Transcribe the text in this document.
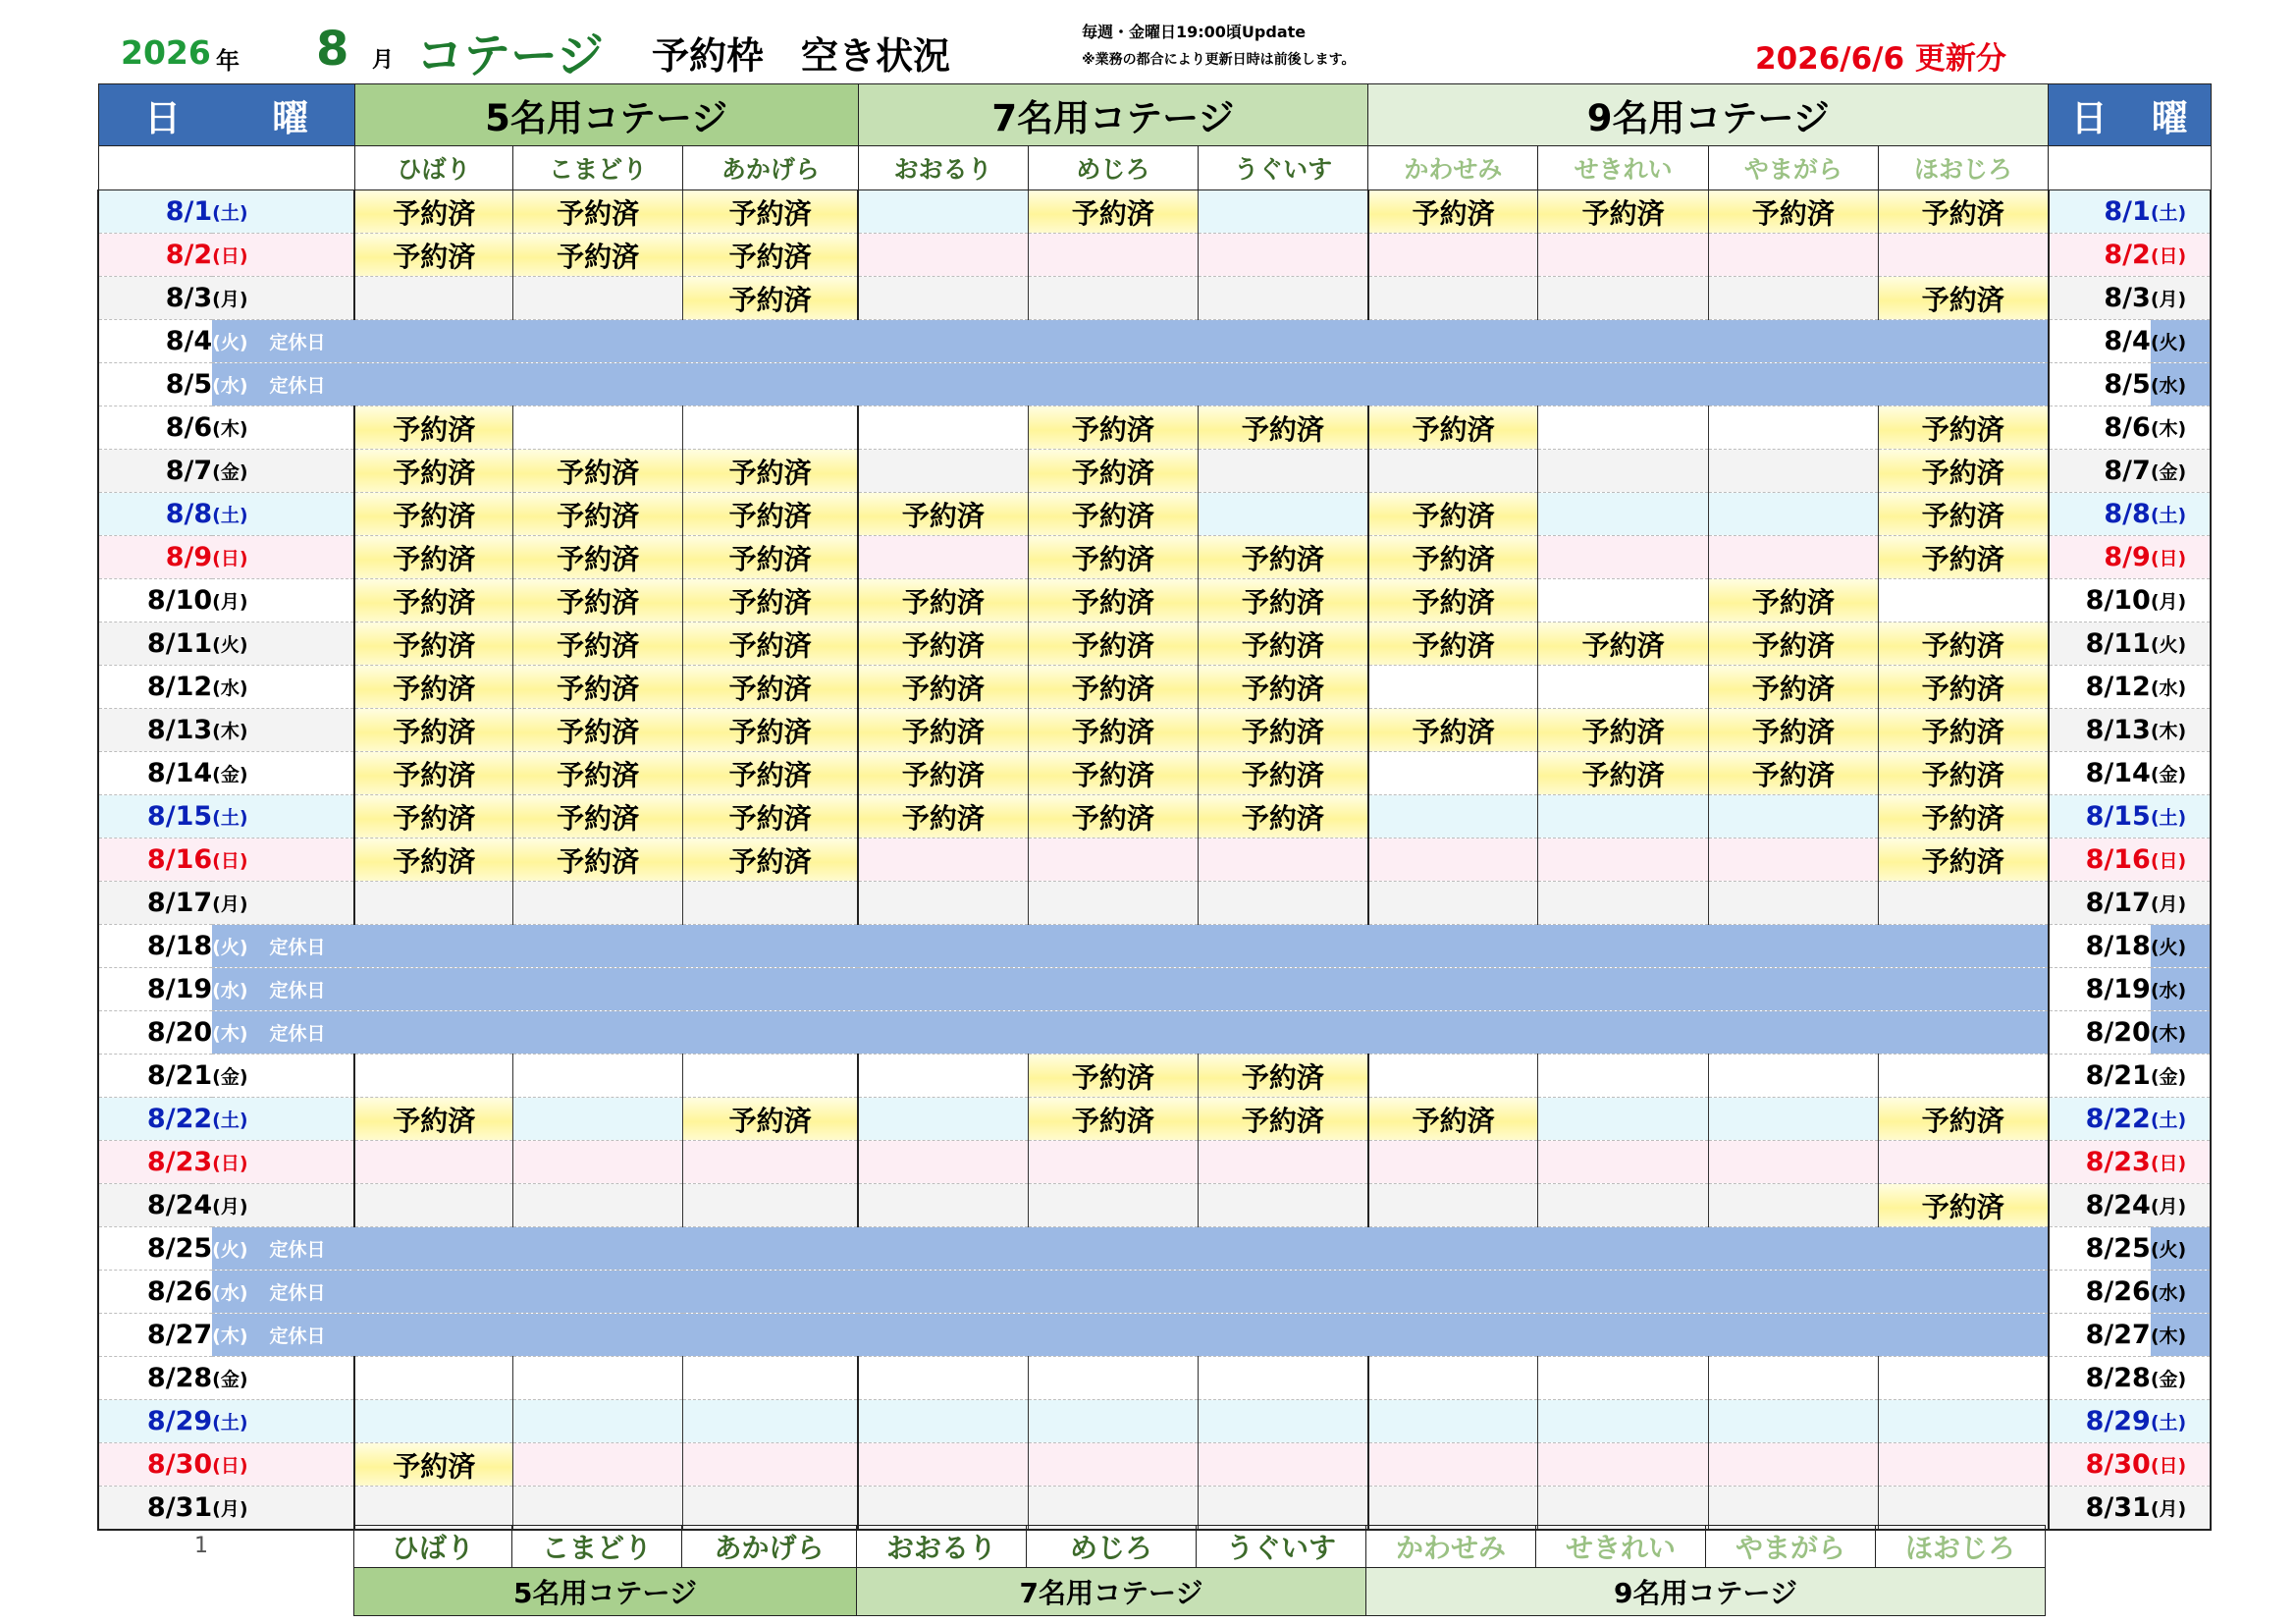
2026 年 8 月 コテージ 予約枠　空き状況
毎週・金曜日19:00頃Update
※業務の都合により更新日時は前後します。	2026/6/6 更新分
日 曜		5名用コテージ			7名用コテージ			9名用コテージ				日 曜	
付 日		ひばり	こまどり	あかげら	おおるり	めじろ	うぐいす	かわせみ	せきれい	やまがら	ほおじろ	付 日	
8/1	(土)	予約済	予約済	予約済		予約済		予約済	予約済	予約済	予約済	8/1	(土)
8/2	(日)	予約済	予約済	予約済								8/2	(日)
8/3	(月)			予約済							予約済	8/3	(月)
8/4	(火) 定休日											8/4	(火)
8/5	(水) 定休日											8/5	(水)
8/6	(木)	予約済				予約済	予約済	予約済			予約済	8/6	(木)
8/7	(金)	予約済	予約済	予約済		予約済					予約済	8/7	(金)
8/8	(土)	予約済	予約済	予約済	予約済	予約済		予約済			予約済	8/8	(土)
8/9	(日)	予約済	予約済	予約済		予約済	予約済	予約済			予約済	8/9	(日)
8/10	(月)	予約済	予約済	予約済	予約済	予約済	予約済	予約済		予約済		8/10	(月)
8/11	(火)	予約済	予約済	予約済	予約済	予約済	予約済	予約済	予約済	予約済	予約済	8/11	(火)
8/12	(水)	予約済	予約済	予約済	予約済	予約済	予約済			予約済	予約済	8/12	(水)
8/13	(木)	予約済	予約済	予約済	予約済	予約済	予約済	予約済	予約済	予約済	予約済	8/13	(木)
8/14	(金)	予約済	予約済	予約済	予約済	予約済	予約済		予約済	予約済	予約済	8/14	(金)
8/15	(土)	予約済	予約済	予約済	予約済	予約済	予約済				予約済	8/15	(土)
8/16	(日)	予約済	予約済	予約済							予約済	8/16	(日)
8/17	(月)											8/17	(月)
8/18	(火) 定休日											8/18	(火)
8/19	(水) 定休日											8/19	(水)
8/20	(木) 定休日											8/20	(木)
8/21	(金)					予約済	予約済					8/21	(金)
8/22	(土)	予約済		予約済		予約済	予約済	予約済			予約済	8/22	(土)
8/23	(日)											8/23	(日)
8/24	(月)										予約済	8/24	(月)
8/25	(火) 定休日											8/25	(火)
8/26	(水) 定休日											8/26	(水)
8/27	(木) 定休日											8/27	(木)
8/28	(金)											8/28	(金)
8/29	(土)											8/29	(土)
8/30	(日)	予約済										8/30	(日)
8/31	(月)											8/31	(月)
1	ひばり	こまどり	あかげら	おおるり	めじろ	うぐいす	かわせみ	せきれい	やまがら	ほおじろ
5名用コテージ			7名用コテージ			9名用コテージ			
